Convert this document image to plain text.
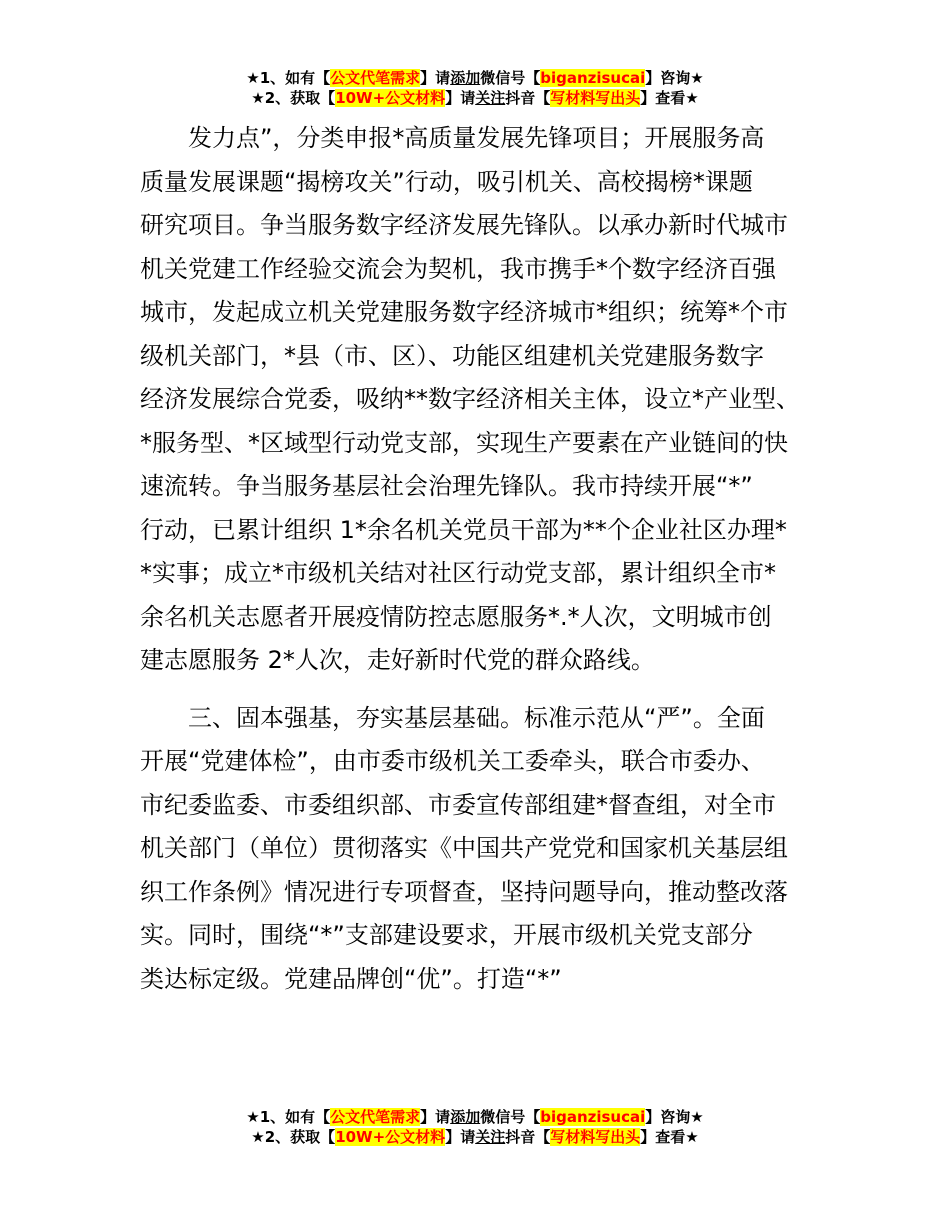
★1、如有【公文代笔需求】请添加微信号【biganzisucai】咨询★
★2、获取【10W+公文材料】请关注抖音【写材料写出头】查看★

发力点”，分类申报*高质量发展先锋项目；开展服务高
质量发展课题“揭榜攻关”行动，吸引机关、高校揭榜*课题
研究项目。争当服务数字经济发展先锋队。以承办新时代城市
机关党建工作经验交流会为契机，我市携手*个数字经济百强
城市，发起成立机关党建服务数字经济城市*组织；统筹*个市
级机关部门，*县（市、区）、功能区组建机关党建服务数字
经济发展综合党委，吸纳**数字经济相关主体，设立*产业型、
*服务型、*区域型行动党支部，实现生产要素在产业链间的快
速流转。争当服务基层社会治理先锋队。我市持续开展“*”
行动，已累计组织 1*余名机关党员干部为**个企业社区办理*
*实事；成立*市级机关结对社区行动党支部，累计组织全市*
余名机关志愿者开展疫情防控志愿服务*.*人次，文明城市创
建志愿服务 2*人次，走好新时代党的群众路线。

三、固本强基，夯实基层基础。标准示范从“严”。全面
开展“党建体检”，由市委市级机关工委牵头，联合市委办、
市纪委监委、市委组织部、市委宣传部组建*督查组，对全市
机关部门（单位）贯彻落实《中国共产党党和国家机关基层组
织工作条例》情况进行专项督查，坚持问题导向，推动整改落
实。同时，围绕“*”支部建设要求，开展市级机关党支部分
类达标定级。党建品牌创“优”。打造“*”

★1、如有【公文代笔需求】请添加微信号【biganzisucai】咨询★
★2、获取【10W+公文材料】请关注抖音【写材料写出头】查看★
